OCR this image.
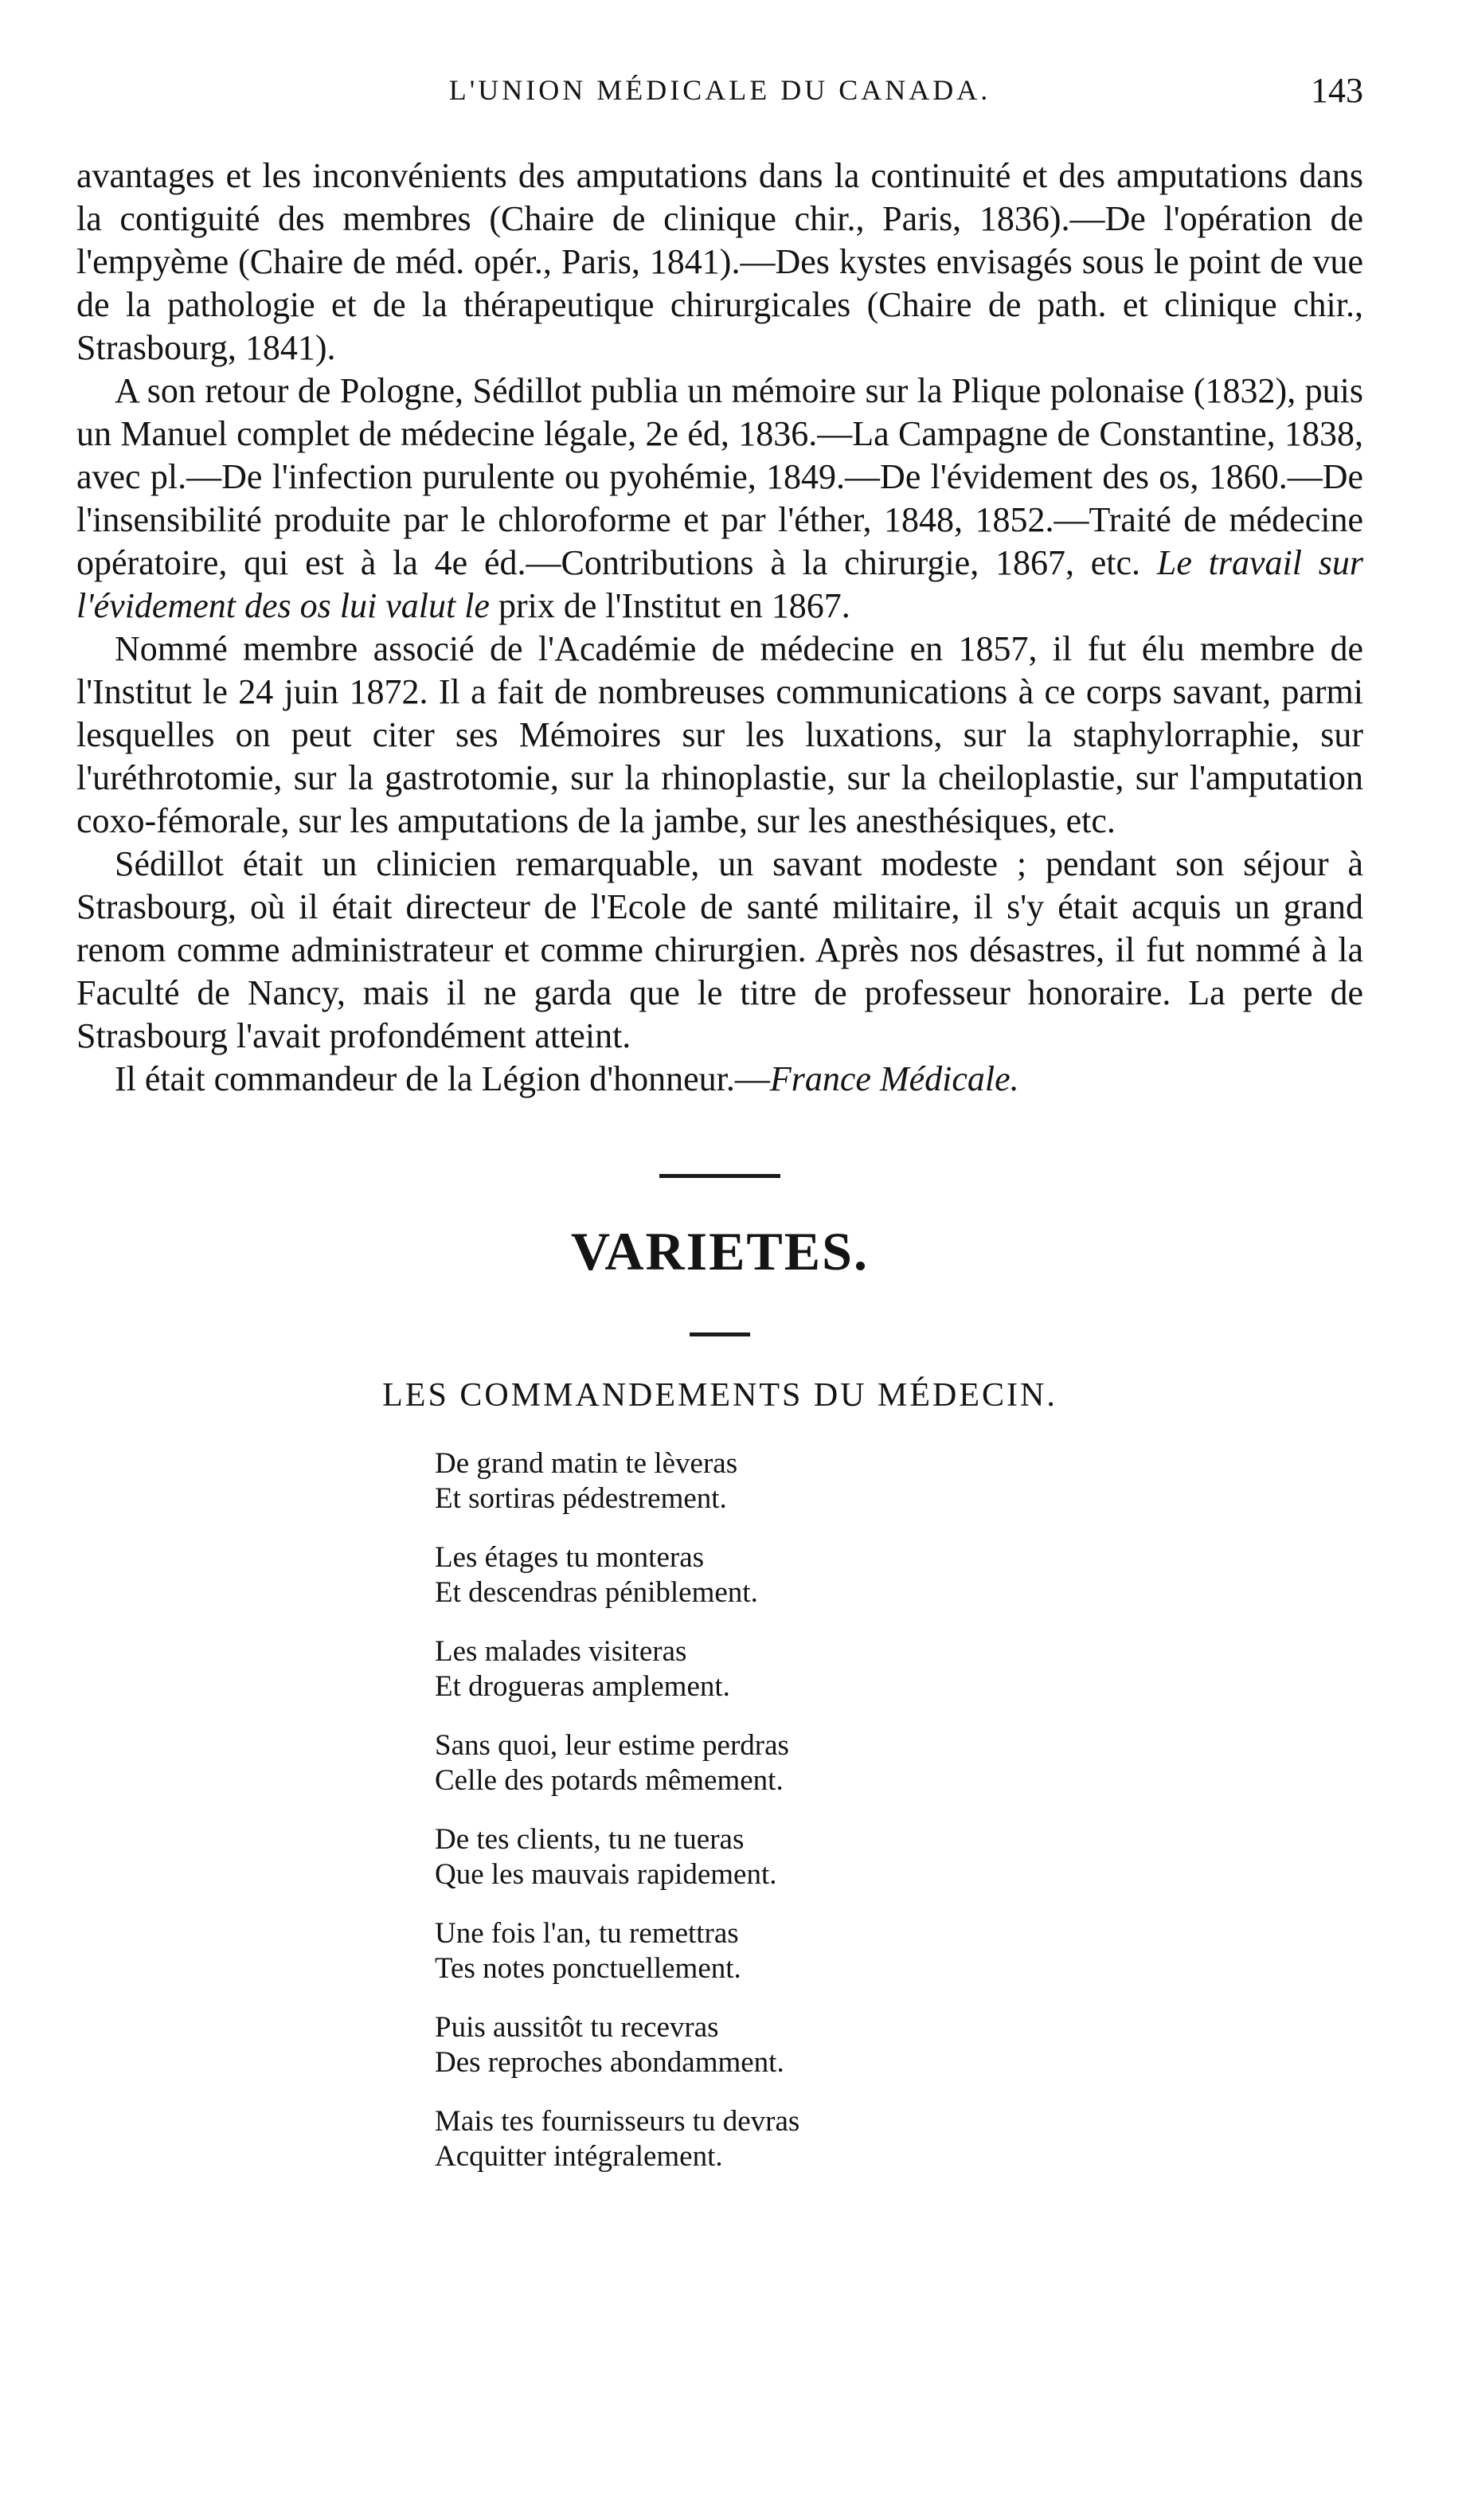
L'UNION MÉDICALE DU CANADA.	143

avantages et les inconvénients des amputations dans la continuité et des amputations dans la contiguité des membres (Chaire de clinique chir., Paris, 1836).—De l'opération de l'empyème (Chaire de méd. opér., Paris, 1841).—Des kystes envisagés sous le point de vue de la pathologie et de la thérapeutique chirurgicales (Chaire de path. et clinique chir., Strasbourg, 1841).

A son retour de Pologne, Sédillot publia un mémoire sur la Plique polonaise (1832), puis un Manuel complet de médecine légale, 2e éd, 1836.—La Campagne de Constantine, 1838, avec pl.—De l'infection purulente ou pyohémie, 1849.—De l'évidement des os, 1860.—De l'insensibilité produite par le chloroforme et par l'éther, 1848, 1852.—Traité de médecine opératoire, qui est à la 4e éd.—Contributions à la chirurgie, 1867, etc. Le travail sur l'évidement des os lui valut le prix de l'Institut en 1867.

Nommé membre associé de l'Académie de médecine en 1857, il fut élu membre de l'Institut le 24 juin 1872. Il a fait de nombreuses communications à ce corps savant, parmi lesquelles on peut citer ses Mémoires sur les luxations, sur la staphylorraphie, sur l'uréthrotomie, sur la gastrotomie, sur la rhinoplastie, sur la cheiloplastie, sur l'amputation coxo-fémorale, sur les amputations de la jambe, sur les anesthésiques, etc.

Sédillot était un clinicien remarquable, un savant modeste ; pendant son séjour à Strasbourg, où il était directeur de l'Ecole de santé militaire, il s'y était acquis un grand renom comme administrateur et comme chirurgien. Après nos désastres, il fut nommé à la Faculté de Nancy, mais il ne garda que le titre de professeur honoraire. La perte de Strasbourg l'avait profondément atteint.

Il était commandeur de la Légion d'honneur.—France Médicale.

VARIETES.
LES COMMANDEMENTS DU MÉDECIN.
De grand matin te lèveras
Et sortiras pédestrement.
Les étages tu monteras
Et descendras péniblement.
Les malades visiteras
Et drogueras amplement.
Sans quoi, leur estime perdras
Celle des potards mêmement.
De tes clients, tu ne tueras
Que les mauvais rapidement.
Une fois l'an, tu remettras
Tes notes ponctuellement.
Puis aussitôt tu recevras
Des reproches abondamment.
Mais tes fournisseurs tu devras
Acquitter intégralement.
